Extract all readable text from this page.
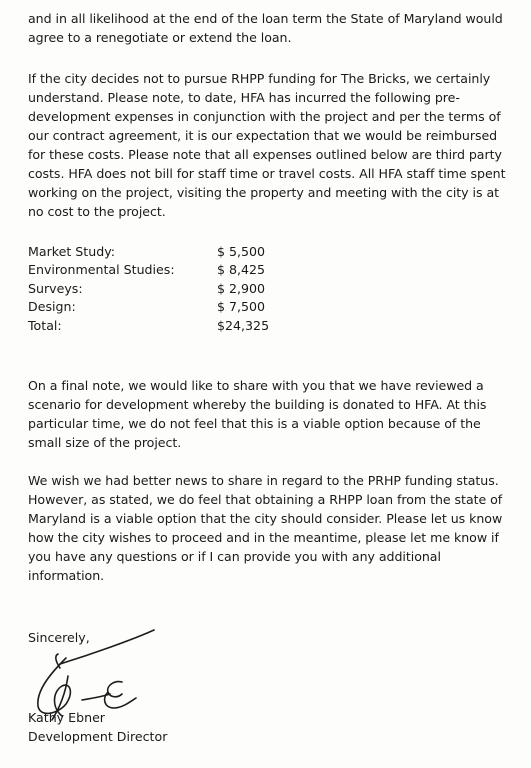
and in all likelihood at the end of the loan term the State of Maryland would
agree to a renegotiate or extend the loan.
If the city decides not to pursue RHPP funding for The Bricks, we certainly
understand. Please note, to date, HFA has incurred the following pre-
development expenses in conjunction with the project and per the terms of
our contract agreement, it is our expectation that we would be reimbursed
for these costs. Please note that all expenses outlined below are third party
costs. HFA does not bill for staff time or travel costs. All HFA staff time spent
working on the project, visiting the property and meeting with the city is at
no cost to the project.
Market Study:	$ 5,500
Environmental Studies:	$ 8,425
Surveys:	$ 2,900
Design:	$ 7,500
Total:	$24,325
On a final note, we would like to share with you that we have reviewed a
scenario for development whereby the building is donated to HFA. At this
particular time, we do not feel that this is a viable option because of the
small size of the project.
We wish we had better news to share in regard to the PRHP funding status.
However, as stated, we do feel that obtaining a RHPP loan from the state of
Maryland is a viable option that the city should consider. Please let us know
how the city wishes to proceed and in the meantime, please let me know if
you have any questions or if I can provide you with any additional
information.
Sincerely,
Kathy Ebner
Development Director
